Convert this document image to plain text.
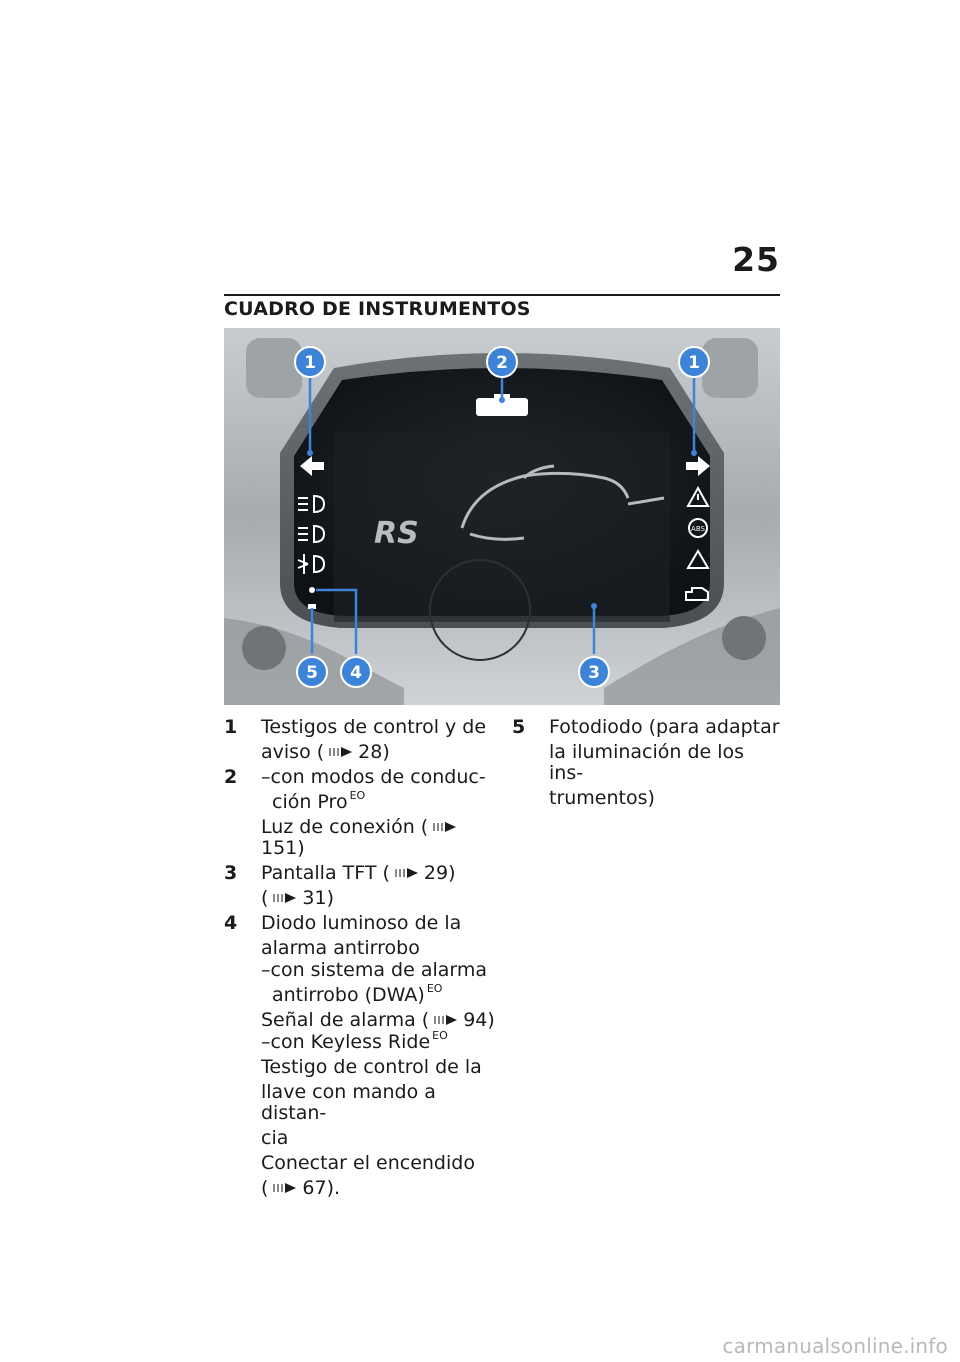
25
CUADRO DE INSTRUMENTOS
ABS
RS
1	2	1
3
4
5
1 Testigos de control y de
aviso ( 28)
2 –con modos de conduc-
ción Pro $^{EO}$
Luz de conexión (151)
3 Pantalla TFT ( 29)
( 31)
4 Diodo luminoso de la
alarma antirrobo
–con sistema de alarma
antirrobo (DWA) $^{EO}$
Señal de alarma ( 94)
–con Keyless Ride $^{EO}$
Testigo de control de la
llave con mando a distan-
cia
Conectar el encendido
( 67).
5 Fotodiodo (para adaptar
la iluminación de los ins-
trumentos)
carmanualsonline.info
